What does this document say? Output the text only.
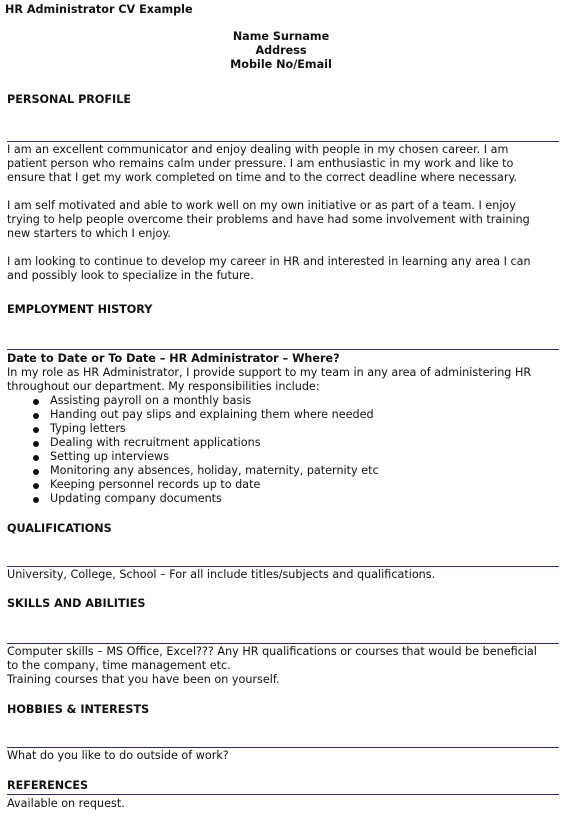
HR Administrator CV Example
Name Surname
Address
Mobile No/Email
PERSONAL PROFILE
I am an excellent communicator and enjoy dealing with people in my chosen career. I am
patient person who remains calm under pressure. I am enthusiastic in my work and like to
ensure that I get my work completed on time and to the correct deadline where necessary.
I am self motivated and able to work well on my own initiative or as part of a team. I enjoy
trying to help people overcome their problems and have had some involvement with training
new starters to which I enjoy.
I am looking to continue to develop my career in HR and interested in learning any area I can
and possibly look to specialize in the future.
EMPLOYMENT HISTORY
Date to Date or To Date – HR Administrator – Where?
In my role as HR Administrator, I provide support to my team in any area of administering HR
throughout our department. My responsibilities include:
Assisting payroll on a monthly basis
Handing out pay slips and explaining them where needed
Typing letters
Dealing with recruitment applications
Setting up interviews
Monitoring any absences, holiday, maternity, paternity etc
Keeping personnel records up to date
Updating company documents
QUALIFICATIONS
University, College, School – For all include titles/subjects and qualifications.
SKILLS AND ABILITIES
Computer skills – MS Office, Excel??? Any HR qualifications or courses that would be beneficial
to the company, time management etc.
Training courses that you have been on yourself.
HOBBIES & INTERESTS
What do you like to do outside of work?
REFERENCES
Available on request.
